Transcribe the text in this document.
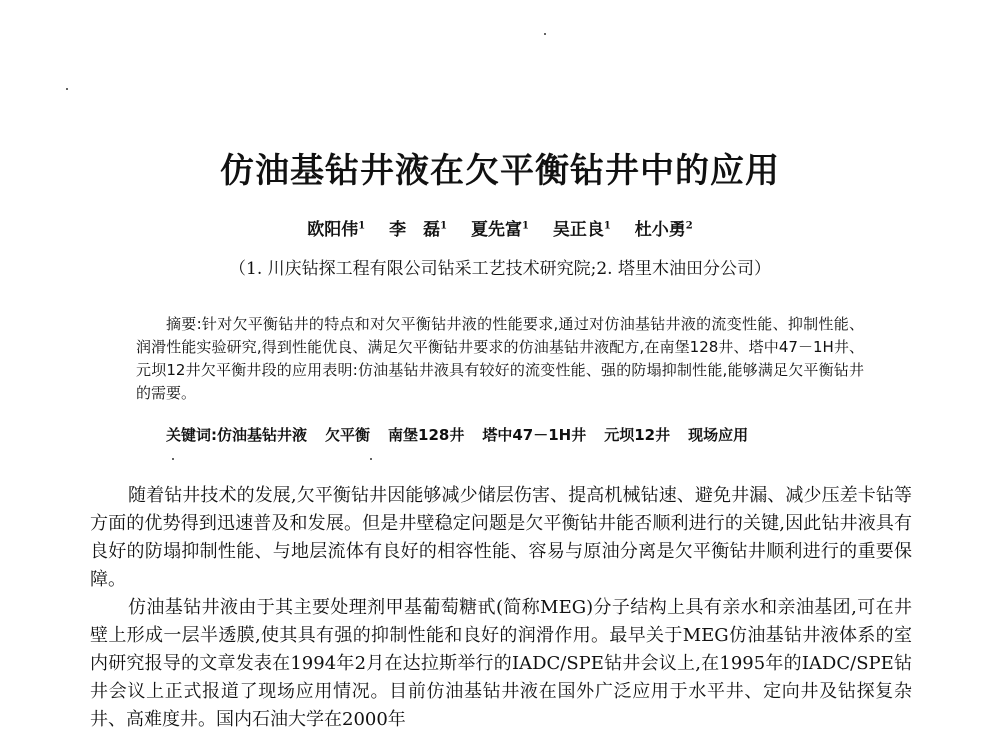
仿油基钻井液在欠平衡钻井中的应用
欧阳伟$^1$ 李　磊$^1$ 夏先富$^1$ 吴正良$^1$ 杜小勇$^2$
（1. 川庆钻探工程有限公司钻采工艺技术研究院;2. 塔里木油田分公司）

摘要:针对欠平衡钻井的特点和对欠平衡钻井液的性能要求,通过对仿油基钻井液的流变性能、抑制性能、润滑性能实验研究,得到性能优良、满足欠平衡钻井要求的仿油基钻井液配方,在南堡128井、塔中47－1H井、元坝12井欠平衡井段的应用表明:仿油基钻井液具有较好的流变性能、强的防塌抑制性能,能够满足欠平衡钻井的需要。

关键词:仿油基钻井液 欠平衡 南堡128井 塔中47－1H井 元坝12井 现场应用

随着钻井技术的发展,欠平衡钻井因能够减少储层伤害、提高机械钻速、避免井漏、减少压差卡钻等方面的优势得到迅速普及和发展。但是井壁稳定问题是欠平衡钻井能否顺利进行的关键,因此钻井液具有良好的防塌抑制性能、与地层流体有良好的相容性能、容易与原油分离是欠平衡钻井顺利进行的重要保障。

仿油基钻井液由于其主要处理剂甲基葡萄糖甙(简称MEG)分子结构上具有亲水和亲油基团,可在井壁上形成一层半透膜,使其具有强的抑制性能和良好的润滑作用。最早关于MEG仿油基钻井液体系的室内研究报导的文章发表在1994年2月在达拉斯举行的IADC/SPE钻井会议上,在1995年的IADC/SPE钻井会议上正式报道了现场应用情况。目前仿油基钻井液在国外广泛应用于水平井、定向井及钻探复杂井、高难度井。国内石油大学在2000年
